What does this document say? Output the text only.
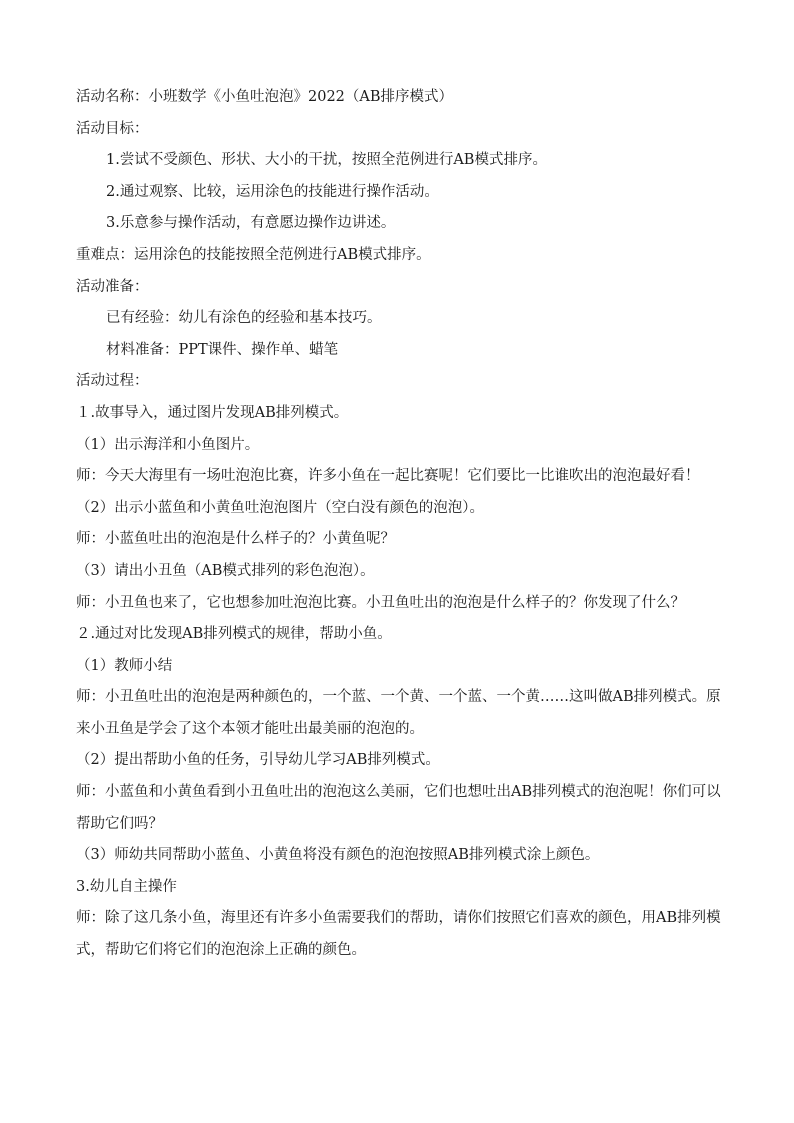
活动名称：小班数学《小鱼吐泡泡》2022（AB排序模式）

活动目标：

1.尝试不受颜色、形状、大小的干扰，按照全范例进行AB模式排序。

2.通过观察、比较，运用涂色的技能进行操作活动。

3.乐意参与操作活动，有意愿边操作边讲述。

重难点：运用涂色的技能按照全范例进行AB模式排序。

活动准备：

已有经验：幼儿有涂色的经验和基本技巧。

材料准备：PPT课件、操作单、蜡笔

活动过程：

１.故事导入，通过图片发现AB排列模式。

（1）出示海洋和小鱼图片。

师：今天大海里有一场吐泡泡比赛，许多小鱼在一起比赛呢！它们要比一比谁吹出的泡泡最好看！

（2）出示小蓝鱼和小黄鱼吐泡泡图片（空白没有颜色的泡泡）。

师：小蓝鱼吐出的泡泡是什么样子的？小黄鱼呢？

（3）请出小丑鱼（AB模式排列的彩色泡泡）。

师：小丑鱼也来了，它也想参加吐泡泡比赛。小丑鱼吐出的泡泡是什么样子的？你发现了什么？

２.通过对比发现AB排列模式的规律，帮助小鱼。

（1）教师小结

师：小丑鱼吐出的泡泡是两种颜色的，一个蓝、一个黄、一个蓝、一个黄……这叫做AB排列模式。原来小丑鱼是学会了这个本领才能吐出最美丽的泡泡的。

（2）提出帮助小鱼的任务，引导幼儿学习AB排列模式。

师：小蓝鱼和小黄鱼看到小丑鱼吐出的泡泡这么美丽，它们也想吐出AB排列模式的泡泡呢！你们可以帮助它们吗？

（3）师幼共同帮助小蓝鱼、小黄鱼将没有颜色的泡泡按照AB排列模式涂上颜色。

3.幼儿自主操作

师：除了这几条小鱼，海里还有许多小鱼需要我们的帮助，请你们按照它们喜欢的颜色，用AB排列模式，帮助它们将它们的泡泡涂上正确的颜色。
